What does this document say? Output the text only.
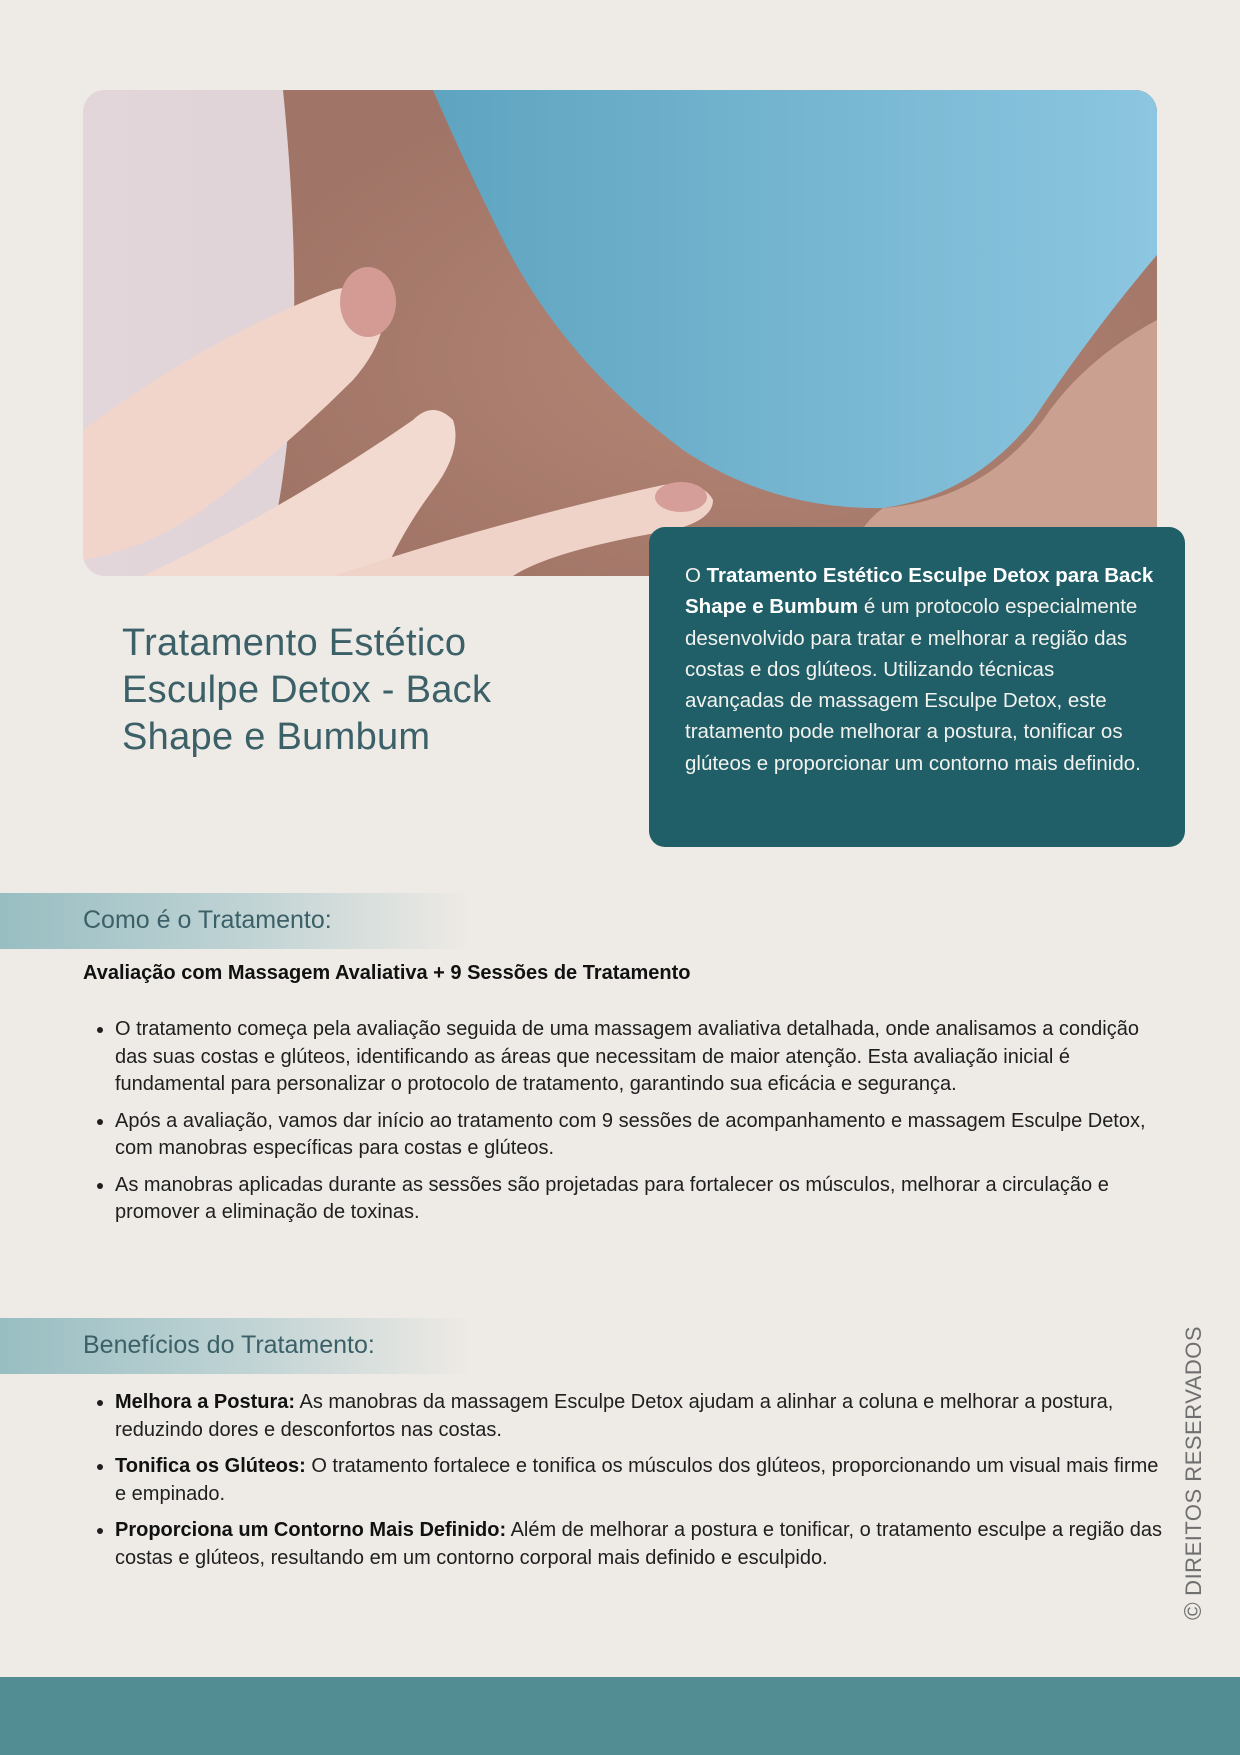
Tratamento Estético Esculpe Detox - Back Shape e Bumbum
O Tratamento Estético Esculpe Detox para Back Shape e Bumbum é um protocolo especialmente desenvolvido para tratar e melhorar a região das costas e dos glúteos. Utilizando técnicas avançadas de massagem Esculpe Detox, este tratamento pode melhorar a postura, tonificar os glúteos e proporcionar um contorno mais definido.
Como é o Tratamento:

Avaliação com Massagem Avaliativa + 9 Sessões de Tratamento

• O tratamento começa pela avaliação seguida de uma massagem avaliativa detalhada, onde analisamos a condição das suas costas e glúteos, identificando as áreas que necessitam de maior atenção. Esta avaliação inicial é fundamental para personalizar o protocolo de tratamento, garantindo sua eficácia e segurança.
• Após a avaliação, vamos dar início ao tratamento com 9 sessões de acompanhamento e massagem Esculpe Detox, com manobras específicas para costas e glúteos.
• As manobras aplicadas durante as sessões são projetadas para fortalecer os músculos, melhorar a circulação e promover a eliminação de toxinas.
Benefícios do Tratamento:
• Melhora a Postura: As manobras da massagem Esculpe Detox ajudam a alinhar a coluna e melhorar a postura, reduzindo dores e desconfortos nas costas.
• Tonifica os Glúteos: O tratamento fortalece e tonifica os músculos dos glúteos, proporcionando um visual mais firme e empinado.
• Proporciona um Contorno Mais Definido: Além de melhorar a postura e tonificar, o tratamento esculpe a região das costas e glúteos, resultando em um contorno corporal mais definido e esculpido.
©
DIREITOS RESERVADOS
